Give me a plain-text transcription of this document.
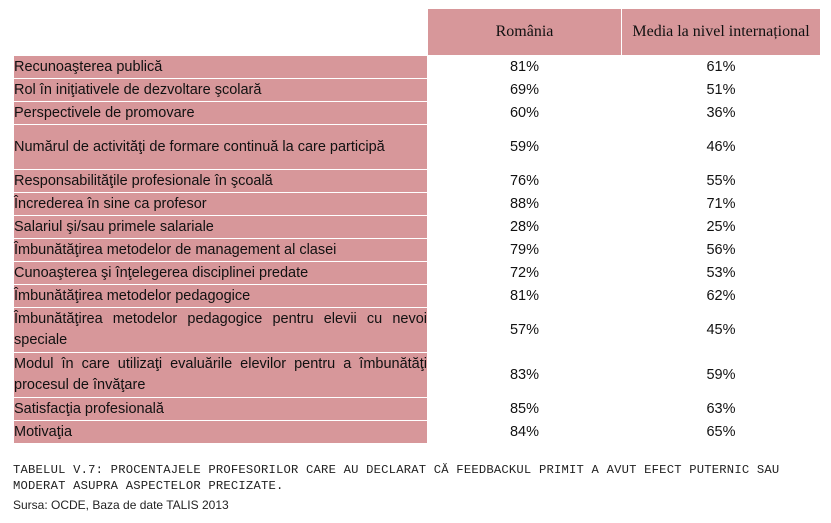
	România	Media la nivel internațional
Recunoaşterea publică	81%	61%
Rol în iniţiativele de dezvoltare şcolară	69%	51%
Perspectivele de promovare	60%	36%
Numărul de activităţi de formare continuă la care participă	59%	46%
Responsabilităţile profesionale în şcoală	76%	55%
Încrederea în sine ca profesor	88%	71%
Salariul şi/sau primele salariale	28%	25%
Îmbunătăţirea metodelor de management al clasei	79%	56%
Cunoaşterea şi înţelegerea disciplinei predate	72%	53%
Îmbunătăţirea metodelor pedagogice	81%	62%
Îmbunătăţirea metodelor pedagogice pentru elevii cu nevoi speciale	57%	45%
Modul în care utilizaţi evaluările elevilor pentru a îmbunătăţi procesul de învăţare	83%	59%
Satisfacţia profesională	85%	63%
Motivaţia	84%	65%
TABELUL V.7: PROCENTAJELE PROFESORILOR CARE AU DECLARAT CĂ FEEDBACKUL PRIMIT A AVUT EFECT PUTERNIC SAU MODERAT ASUPRA ASPECTELOR PRECIZATE.
Sursa: OCDE, Baza de date TALIS 2013
